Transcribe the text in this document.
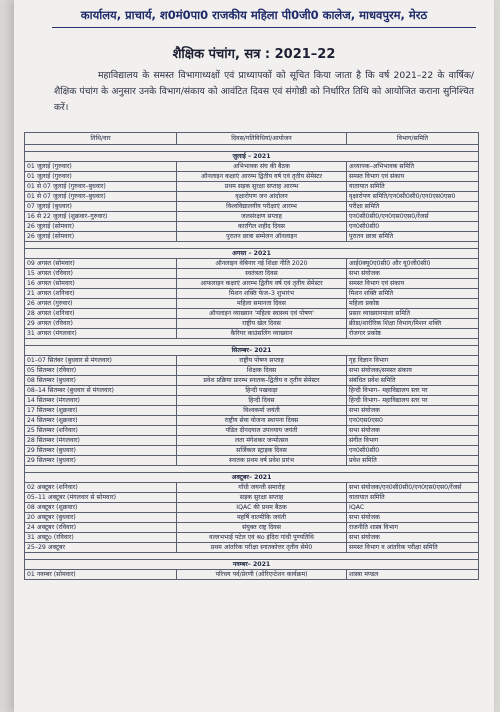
कार्यालय, प्राचार्य, श0मं0पा0 राजकीय महिला पी0जी0 कालेज, माधवपुरम, मेरठ
शैक्षिक पंचांग, सत्र : 2021–22
महाविद्यालय के समस्त विभागाध्यक्षों एवं प्राध्यापकों को सूचित किया जाता है कि वर्ष 2021–22 के वार्षिक/शैक्षिक पंचांग के अनुसार उनके विभाग/संकाय को आवंटित दिवस एवं संगोष्ठी को निर्धारित तिथि को आयोजित कराना सुनिश्चित करें।
तिथि/वार	दिवस/गतिविधियां/आयोजन	विभाग/समिति

जुलाई – 2021		
01 जुलाई (गुरुवार)	अभिभावक संघ की बैठक	अध्यापक–अभिभावक समिति
01 जुलाई (गुरुवार)	ऑनलाइन कक्षाएं आरम्भ द्वितीय वर्ष एवं तृतीय सेमेस्टर	समस्त विभाग एवं संकाय
01 से 07 जुलाई (गुरुवार–बुधवार)	प्रथम सड़क सुरक्षा सप्ताह आरम्भ	यातायात समिति
01 से 07 जुलाई (गुरुवार–बुधवार)	वृक्षारोपण जन आंदोलन	वृक्षारोपण समिति/एन0सी0सी0/एन0एस0एस0
07 जुलाई (बुधवार)	विश्वविद्यालयीय परीक्षाएं आरम्भ	परीक्षा समिति
16 से 22 जुलाई (शुक्रवार–गुरुवार)	जलसंरक्षण सप्ताह	एन0सी0सी0/एन0एस0एस0/रेंजर्स
26 जुलाई (सोमवार)	कारगिल शहीद दिवस	एन0सी0सी0
26 जुलाई (सोमवार)	पुरातन छात्रा सम्मेलन ऑनलाइन	पुरातन छात्रा समिति

अगस्त – 2021		
09 अगस्त (सोमवार)	ऑनलाइन वेबिनार नई शिक्षा नीति 2020	आई0क्यू0ए0सी0 और यू0जी0सी0
15 अगस्त (रविवार)	स्वतंत्रता दिवस	सभा संयोजक
16 अगस्त (सोमवार)	आफलाइन कक्षाएं आरम्भ द्वितीय वर्ष एवं तृतीय सेमेस्टर	समस्त विभाग एवं संकाय
21 अगस्त (शनिवार)	मिशन शक्ति फेज–3 शुभारंभ	मिशन शक्ति समिति
26 अगस्त (गुरुवार)	महिला समानता दिवस	महिला प्रकोष्ठ
28 अगस्त (शनिवार)	ऑनलाइन व्याख्यान 'महिला स्वास्थ्य एवं पोषण'	प्रसार व्याख्यानमाला समिति
29 अगस्त (रविवार)	राष्ट्रीय खेल दिवस	क्रीडा/शारीरिक शिक्षा विभाग/मिशन शक्ति
31 अगस्त (मंगलवार)	कैरियर काउंसलिंग व्याख्यान	रोजगार प्रकोष्ठ

सितम्बर– 2021		
01–07 सितंबर (बुधवार से मंगलवार)	राष्ट्रीय पोषण सप्ताह	गृह विज्ञान विभाग
05 सितम्बर (रविवार)	शिक्षक दिवस	सभा संयोजक/समस्त संकाय
08 सितम्बर (बुधवार)	प्रवेश प्रक्रिया प्रारम्भ स्नातक–द्वितीय व तृतीय सेमेस्टर	संबंधित प्रवेश समिति
08–14 सितम्बर (बुधवार से मंगलवार)	हिन्दी पखवाड़ा	हिन्दी विभाग– महाविद्यालय स्तर पर
14 सितम्बर (मंगलवार)	हिन्दी दिवस	हिन्दी विभाग– महाविद्यालय स्तर पर
17 सितम्बर (शुक्रवार)	विश्वकर्मा जयंती	सभा संयोजक
24 सितम्बर (शुक्रवार)	राष्ट्रीय सेवा योजना स्थापना दिवस	एन0एस0एस0
25 सितम्बर (शनिवार)	पंडित दीनदयाल उपाध्याय जयंती	सभा संयोजक
28 सितम्बर (मंगलवार)	लता मंगेशकर जन्मोत्सव	संगीत विभाग
29 सितम्बर (बुधवार)	सर्जिकल स्ट्राइक दिवस	एन0सी0सी0
29 सितम्बर (बुधवार)	स्नातक प्रथम वर्ष प्रवेश प्रारंभ	प्रवेश समिति

अक्टूबर– 2021		
02 अक्टूबर (शनिवार)	गाँधी जयन्ती समारोह	सभा संयोजक/एन0सी0सी0/एन0एस0एस0/रेंजर्स
05–11 अक्टूबर (मंगलवार से सोमवार)	सड़क सुरक्षा सप्ताह	यातायात समिति
08 अक्टूबर (शुक्रवार)	IQAC की प्रथम बैठक	IQAC
20 अक्टूबर (बुधवार)	महर्षि वाल्मीकि जयंती	सभा संयोजक
24 अक्टूबर (रविवार)	संयुक्त राष्ट्र दिवस	राजनीति शास्त्र विभाग
31 अक्टूo (रविवार)	वल्लभभाई पटेल एवं श्रo इंदिरा गांधी पुण्यतिथि	सभा संयोजक
25–29 अक्टूबर	प्रथम आंतरिक परीक्षा स्नातकोत्तर तृतीय सेमे0	समस्त विभाग व आंतरिक परीक्षा समिति

नवम्बर– 2021		
01 नवम्बर (सोमवार)	परिचय पर्व/प्रेरणी (ओरिएन्टेशन कार्यक्रम)	शास्त्रा मण्डल
